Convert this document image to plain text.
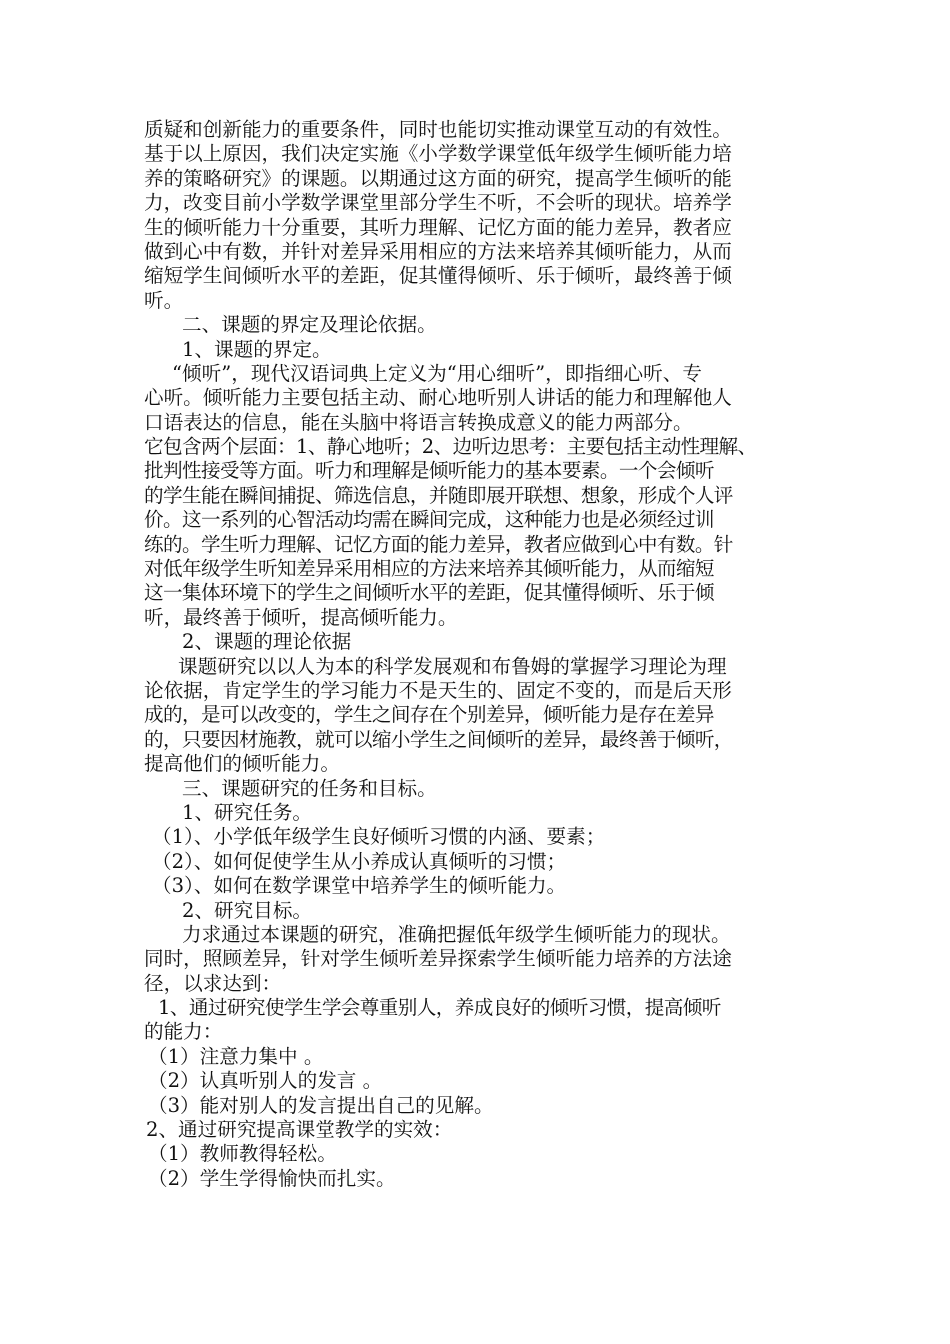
质疑和创新能力的重要条件，同时也能切实推动课堂互动的有效性。
基于以上原因，我们决定实施《小学数学课堂低年级学生倾听能力培
养的策略研究》的课题。以期通过这方面的研究，提高学生倾听的能
力，改变目前小学数学课堂里部分学生不听，不会听的现状。培养学
生的倾听能力十分重要，其听力理解、记忆方面的能力差异，教者应
做到心中有数，并针对差异采用相应的方法来培养其倾听能力，从而
缩短学生间倾听水平的差距，促其懂得倾听、乐于倾听，最终善于倾
听。
二、课题的界定及理论依据。
1、课题的界定。
“倾听”，现代汉语词典上定义为“用心细听”，即指细心听、专
心听。倾听能力主要包括主动、耐心地听别人讲话的能力和理解他人
口语表达的信息，能在头脑中将语言转换成意义的能力两部分。
它包含两个层面：1、静心地听；2、边听边思考：主要包括主动性理解、
批判性接受等方面。听力和理解是倾听能力的基本要素。一个会倾听
的学生能在瞬间捕捉、筛选信息，并随即展开联想、想象，形成个人评
价。这一系列的心智活动均需在瞬间完成，这种能力也是必须经过训
练的。学生听力理解、记忆方面的能力差异，教者应做到心中有数。针
对低年级学生听知差异采用相应的方法来培养其倾听能力，从而缩短
这一集体环境下的学生之间倾听水平的差距，促其懂得倾听、乐于倾
听，最终善于倾听，提高倾听能力。
2、课题的理论依据
课题研究以以人为本的科学发展观和布鲁姆的掌握学习理论为理
论依据，肯定学生的学习能力不是天生的、固定不变的，而是后天形
成的，是可以改变的，学生之间存在个别差异，倾听能力是存在差异
的，只要因材施教，就可以缩小学生之间倾听的差异，最终善于倾听，
提高他们的倾听能力。
三、课题研究的任务和目标。
1、研究任务。
（1）、小学低年级学生良好倾听习惯的内涵、要素；
（2）、如何促使学生从小养成认真倾听的习惯；
（3）、如何在数学课堂中培养学生的倾听能力。
2、研究目标。
力求通过本课题的研究，准确把握低年级学生倾听能力的现状。
同时，照顾差异，针对学生倾听差异探索学生倾听能力培养的方法途
径，以求达到：
1、通过研究使学生学会尊重别人，养成良好的倾听习惯，提高倾听
的能力：
（1）注意力集中 。
（2）认真听别人的发言 。
（3）能对别人的发言提出自己的见解。
2、通过研究提高课堂教学的实效：
（1）教师教得轻松。
（2）学生学得愉快而扎实。
